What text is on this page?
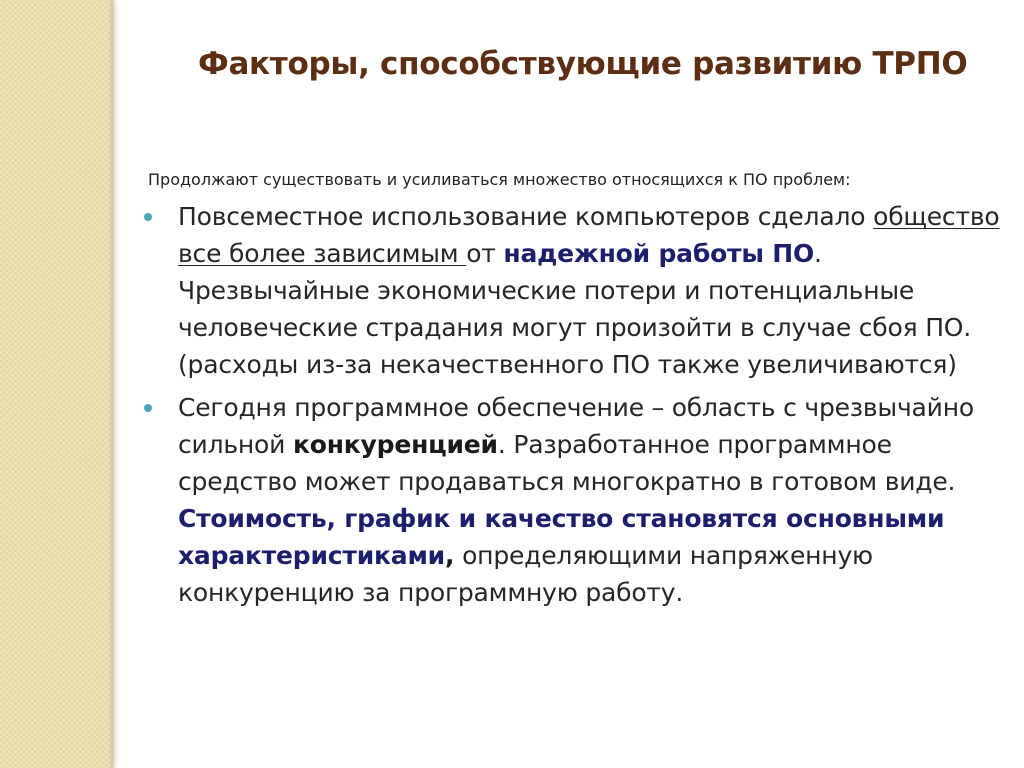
Факторы, способствующие развитию ТРПО
Продолжают существовать и усиливаться множество относящихся к ПО проблем:
Повсеместное использование компьютеров сделало общество все более зависимым от надежной работы ПО. Чрезвычайные экономические потери и потенциальные человеческие страдания могут произойти в случае сбоя ПО. (расходы из-за некачественного ПО также увеличиваются)
Сегодня программное обеспечение – область с чрезвычайно сильной конкуренцией. Разработанное программное средство может продаваться многократно в готовом виде. Стоимость, график и качество становятся основными характеристиками, определяющими напряженную конкуренцию за программную работу.
